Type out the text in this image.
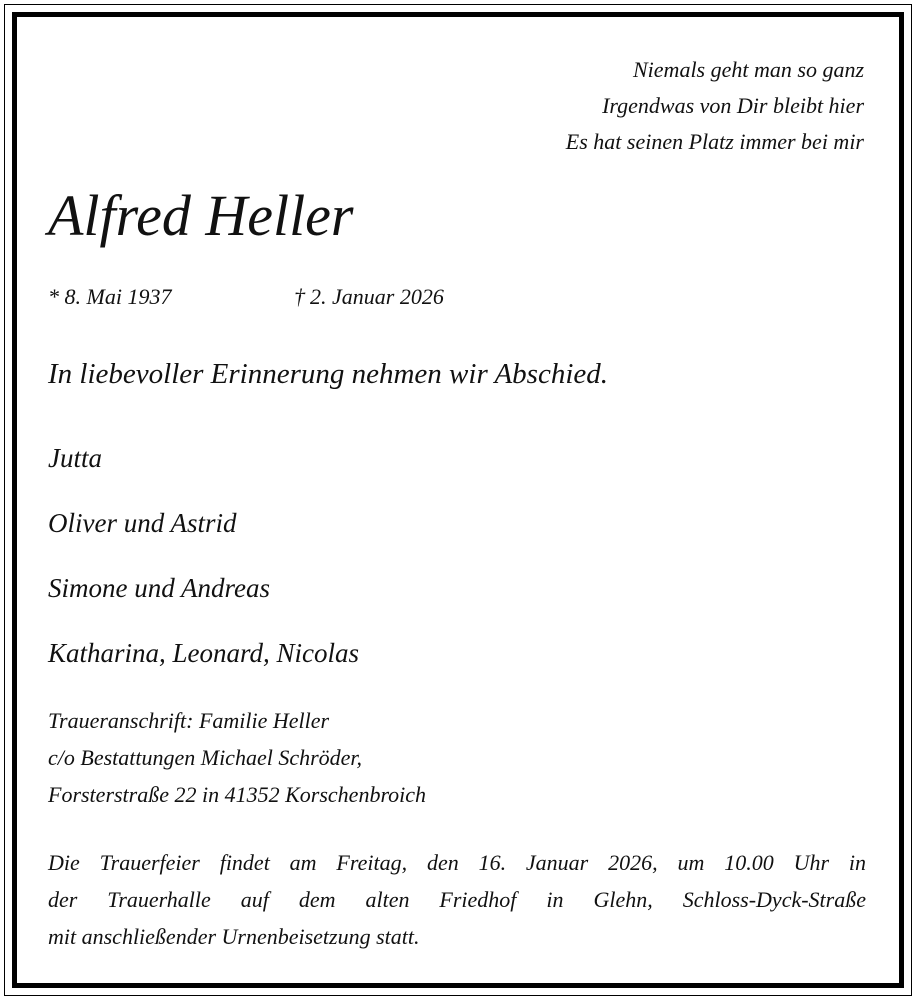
Niemals geht man so ganz
Irgendwas von Dir bleibt hier
Es hat seinen Platz immer bei mir
Alfred Heller
* 8. Mai 1937	† 2. Januar 2026
In liebevoller Erinnerung nehmen wir Abschied.
Jutta
Oliver und Astrid
Simone und Andreas
Katharina, Leonard, Nicolas
Traueranschrift: Familie Heller
c/o Bestattungen Michael Schröder,
Forsterstraße 22 in 41352 Korschenbroich
Die Trauerfeier findet am Freitag, den 16. Januar 2026, um 10.00 Uhr in
der Trauerhalle auf dem alten Friedhof in Glehn, Schloss-Dyck-Straße
mit anschließender Urnenbeisetzung statt.
